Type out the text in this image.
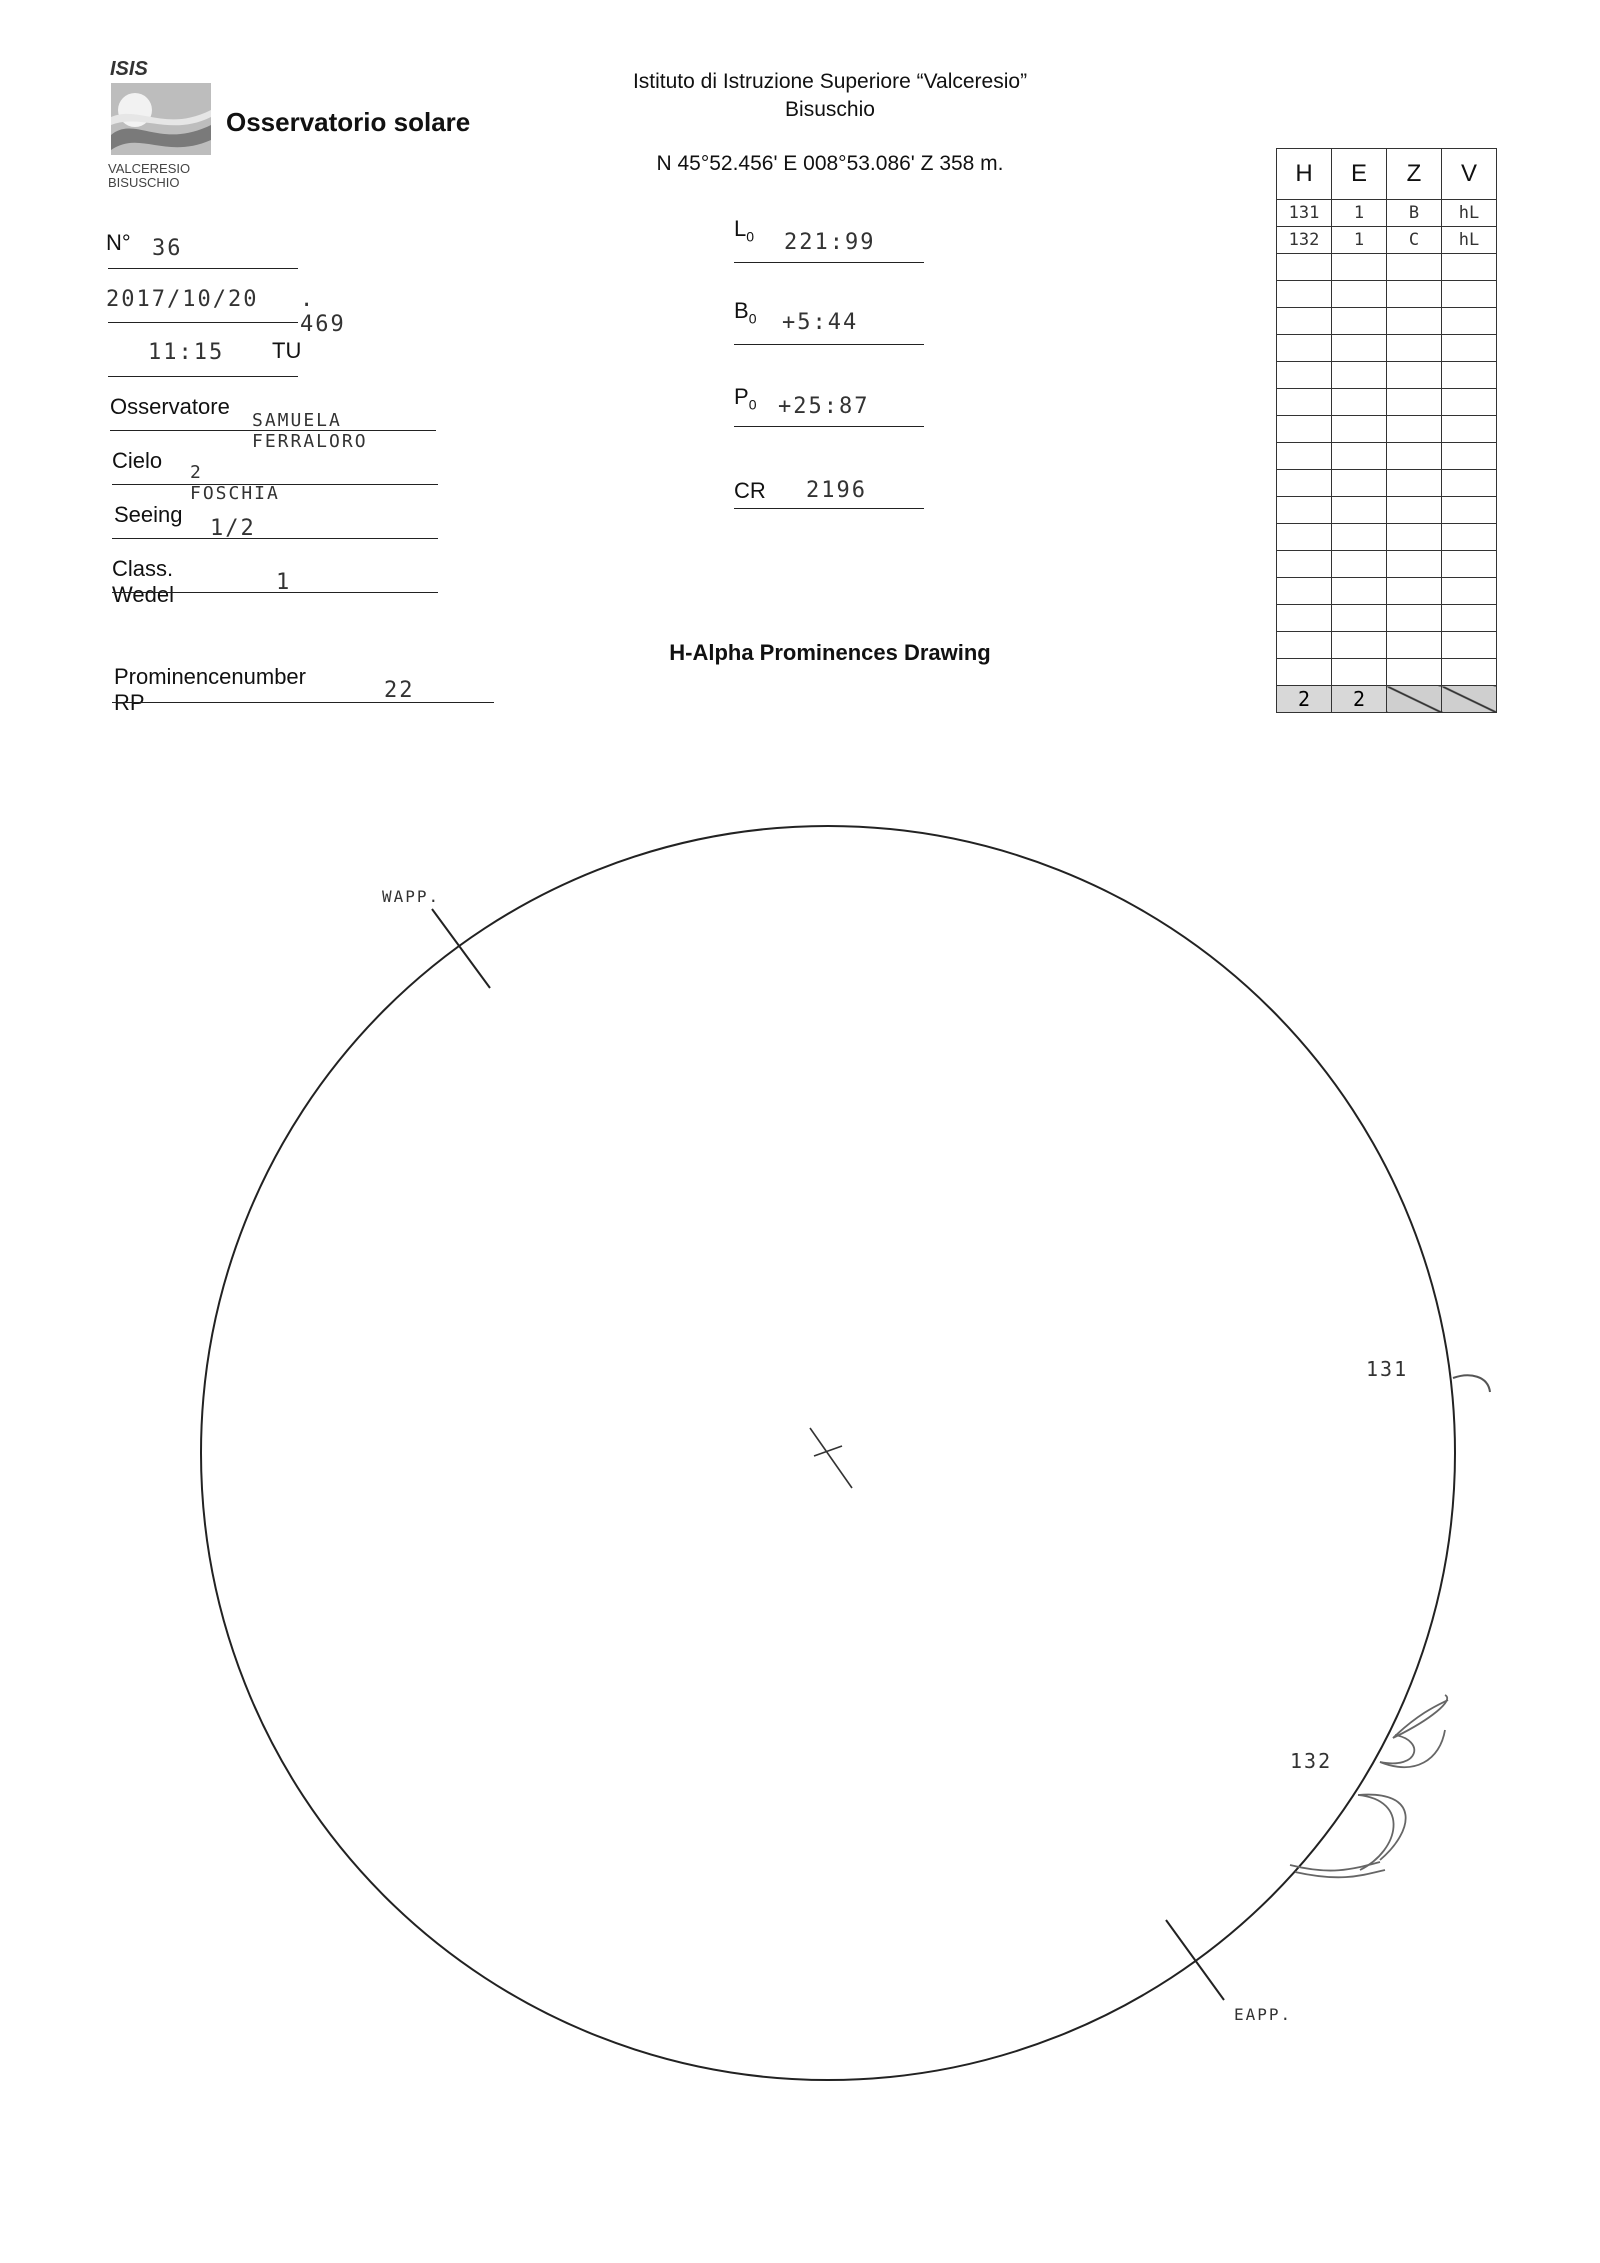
ISIS
VALCERESIO
BISUSCHIO
Osservatorio solare
Istituto di Istruzione Superiore “Valceresio”
Bisuschio
N 45°52.456' E 008°53.086' Z 358 m.
N° 36
2017/10/20 . 469
11:15 TU
Osservatore
SAMUELA FERRALORO
Cielo 2 FOSCHIA
Seeing
1/2
Class. Wedel	1
Prominencenumber RP	22
$L_0$ 221:99
$B_0$ +5:44
$P_0$ +25:87
CR 2196
H	E	Z	V
131	1	B	hL
132	1	C	hL

2	2		
H-Alpha Prominences Drawing
WAPP.
EAPP.
131
132
